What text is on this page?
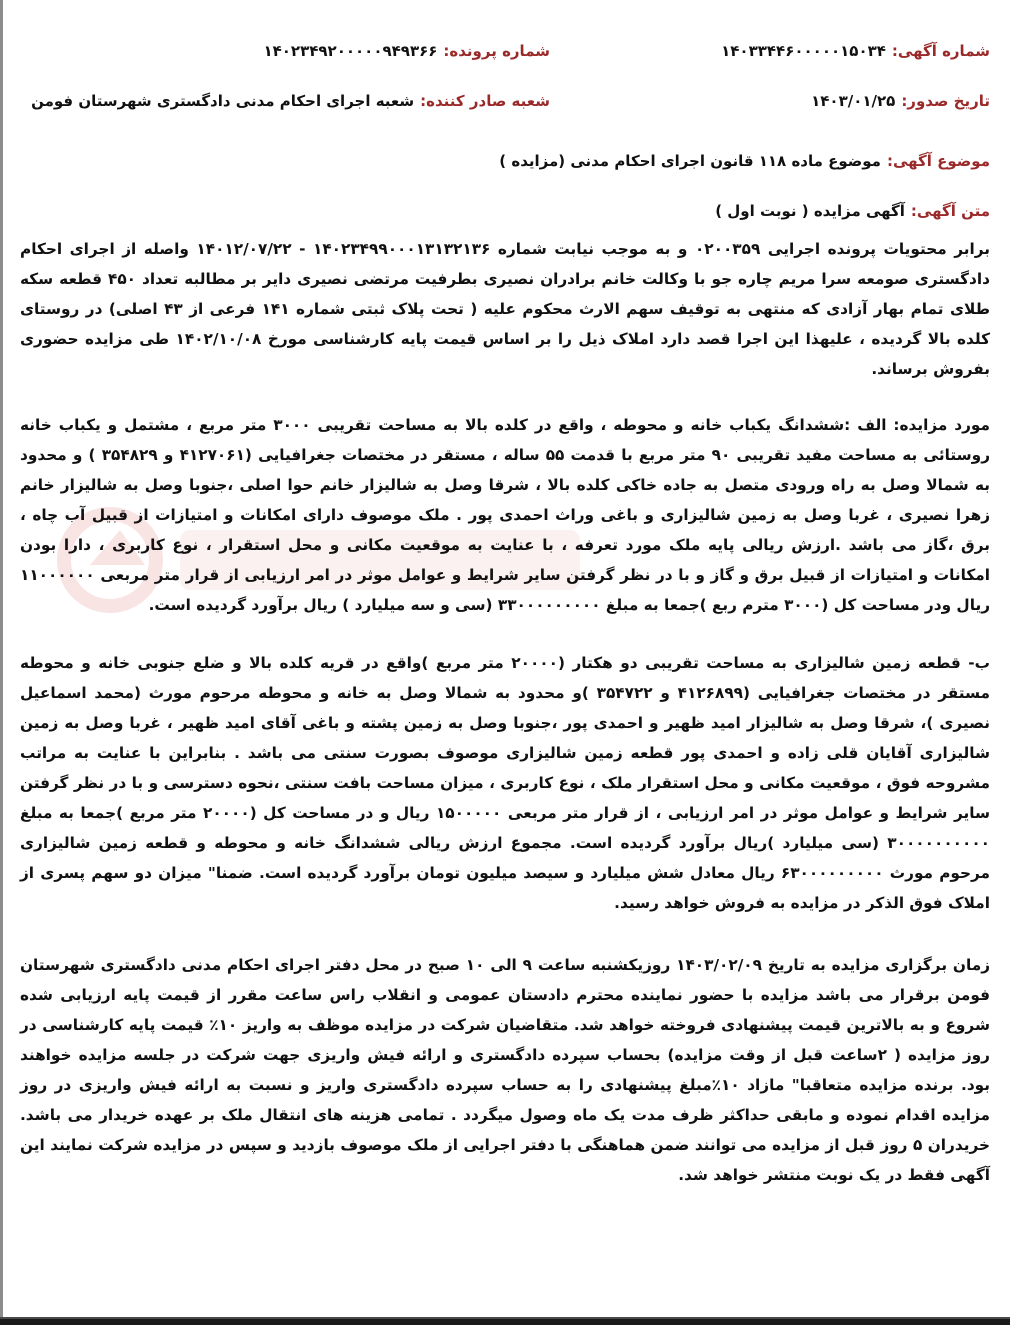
شماره آگهی:
۱۴۰۳۳۴۴۶۰۰۰۰۰۱۵۰۳۴
شماره پرونده:
۱۴۰۲۳۴۹۲۰۰۰۰۰۹۴۹۳۶۶
تاریخ صدور:
۱۴۰۳/۰۱/۲۵
شعبه صادر کننده:
شعبه اجرای احکام مدنی دادگستری شهرستان فومن
موضوع آگهی:
موضوع ماده ۱۱۸ قانون اجرای احکام مدنی (مزایده )
متن آگهی:
آگهی مزایده ( نوبت اول )
برابر محتویات پرونده اجرایی ۰۲۰۰۳۵۹ و به موجب نیابت شماره ۱۴۰۲۳۴۹۹۰۰۰۱۳۱۳۲۱۳۶ - ۱۴۰۱۲/۰۷/۲۲ واصله از اجرای احکام دادگستری صومعه سرا مریم چاره جو با وکالت خانم برادران نصیری بطرفیت مرتضی نصیری دایر بر مطالبه تعداد ۴۵۰ قطعه سکه طلای تمام بهار آزادی که منتهی به توقیف سهم الارث محکوم علیه ( تحت پلاک ثبتی شماره ۱۴۱ فرعی از ۴۳ اصلی) در روستای کلده بالا گردیده ، علیهذا این اجرا قصد دارد املاک ذیل را بر اساس قیمت پایه کارشناسی مورخ ۱۴۰۲/۱۰/۰۸ طی مزایده حضوری بفروش برساند.
مورد مزایده: الف :ششدانگ یکباب خانه و محوطه ، واقع در کلده بالا به مساحت تقریبی ۳۰۰۰ متر مربع ، مشتمل و یکباب خانه روستائی به مساحت مفید تقریبی ۹۰ متر مربع با قدمت ۵۵ ساله ، مستقر در مختصات جغرافیایی (۴۱۲۷۰۶۱ و ۳۵۴۸۲۹ ) و محدود به شمالا وصل به راه ورودی متصل به جاده خاکی کلده بالا ، شرقا وصل به شالیزار خانم حوا اصلی ،جنوبا وصل به شالیزار خانم زهرا نصیری ، غربا وصل به زمین شالیزاری و باغی وراث احمدی پور . ملک موصوف دارای امکانات و امتیازات از قبیل آب چاه ، برق ،گاز می باشد .ارزش ریالی پایه ملک مورد تعرفه ، با عنایت به موقعیت مکانی و محل استقرار ، نوع کاربری ، دارا بودن امکانات و امتیازات از قبیل برق و گاز و با در نظر گرفتن سایر شرایط و عوامل موثر در امر ارزیابی از قرار متر مربعی ۱۱۰۰۰۰۰۰ ریال ودر مساحت کل (۳۰۰۰ مترم ربع )جمعا به مبلغ ۳۳۰۰۰۰۰۰۰۰۰ (سی و سه میلیارد ) ریال برآورد گردیده است.
ب- قطعه زمین شالیزاری به مساحت تقریبی دو هکتار (۲۰۰۰۰ متر مربع )واقع در قریه کلده بالا و ضلع جنوبی خانه و محوطه مستقر در مختصات جغرافیایی (۴۱۲۶۸۹۹ و ۳۵۴۷۲۲ )و محدود به شمالا وصل به خانه و محوطه مرحوم مورث (محمد اسماعیل نصیری )، شرقا وصل به شالیزار امید ظهیر و احمدی پور ،جنوبا وصل به زمین پشته و باغی آقای امید ظهیر ، غربا وصل به زمین شالیزاری آقایان قلی زاده و احمدی پور قطعه زمین شالیزاری موصوف بصورت سنتی می باشد . بنابراین با عنایت به مراتب مشروحه فوق ، موقعیت مکانی و محل استقرار ملک ، نوع کاربری ، میزان مساحت بافت سنتی ،نحوه دسترسی و با در نظر گرفتن سایر شرایط و عوامل موثر در امر ارزیابی ، از قرار متر مربعی ۱۵۰۰۰۰۰ ریال و در مساحت کل (۲۰۰۰۰ متر مربع )جمعا به مبلغ ۳۰۰۰۰۰۰۰۰۰۰ (سی میلیارد )ریال برآورد گردیده است. مجموع ارزش ریالی ششدانگ خانه و محوطه و قطعه زمین شالیزاری مرحوم مورث ۶۳۰۰۰۰۰۰۰۰۰ ریال معادل شش میلیارد و سیصد میلیون تومان برآورد گردیده است. ضمنا" میزان دو سهم پسری از املاک فوق الذکر در مزایده به فروش خواهد رسید.
زمان برگزاری مزایده به تاریخ ۱۴۰۳/۰۲/۰۹ روزیکشنبه ساعت ۹ الی ۱۰ صبح در محل دفتر اجرای احکام مدنی دادگستری شهرستان فومن برقرار می باشد مزایده با حضور نماینده محترم دادستان عمومی و انقلاب راس ساعت مقرر از قیمت پایه ارزیابی شده شروع و به بالاترین قیمت پیشنهادی فروخته خواهد شد. متقاضیان شرکت در مزایده موظف به واریز ۱۰٪ قیمت پایه کارشناسی در روز مزایده ( ۲ساعت قبل از وقت مزایده) بحساب سپرده دادگستری و ارائه فیش واریزی جهت شرکت در جلسه مزایده خواهند بود. برنده مزایده متعاقبا" مازاد ۱۰٪مبلغ پیشنهادی را به حساب سپرده دادگستری واریز و نسبت به ارائه فیش واریزی در روز مزایده اقدام نموده و مابقی حداکثر ظرف مدت یک ماه وصول میگردد . تمامی هزینه های انتقال ملک بر عهده خریدار می باشد. خریدران ۵ روز قبل از مزایده می توانند ضمن هماهنگی با دفتر اجرایی از ملک موصوف بازدید و سپس در مزایده شرکت نمایند این آگهی فقط در یک نوبت منتشر خواهد شد.
